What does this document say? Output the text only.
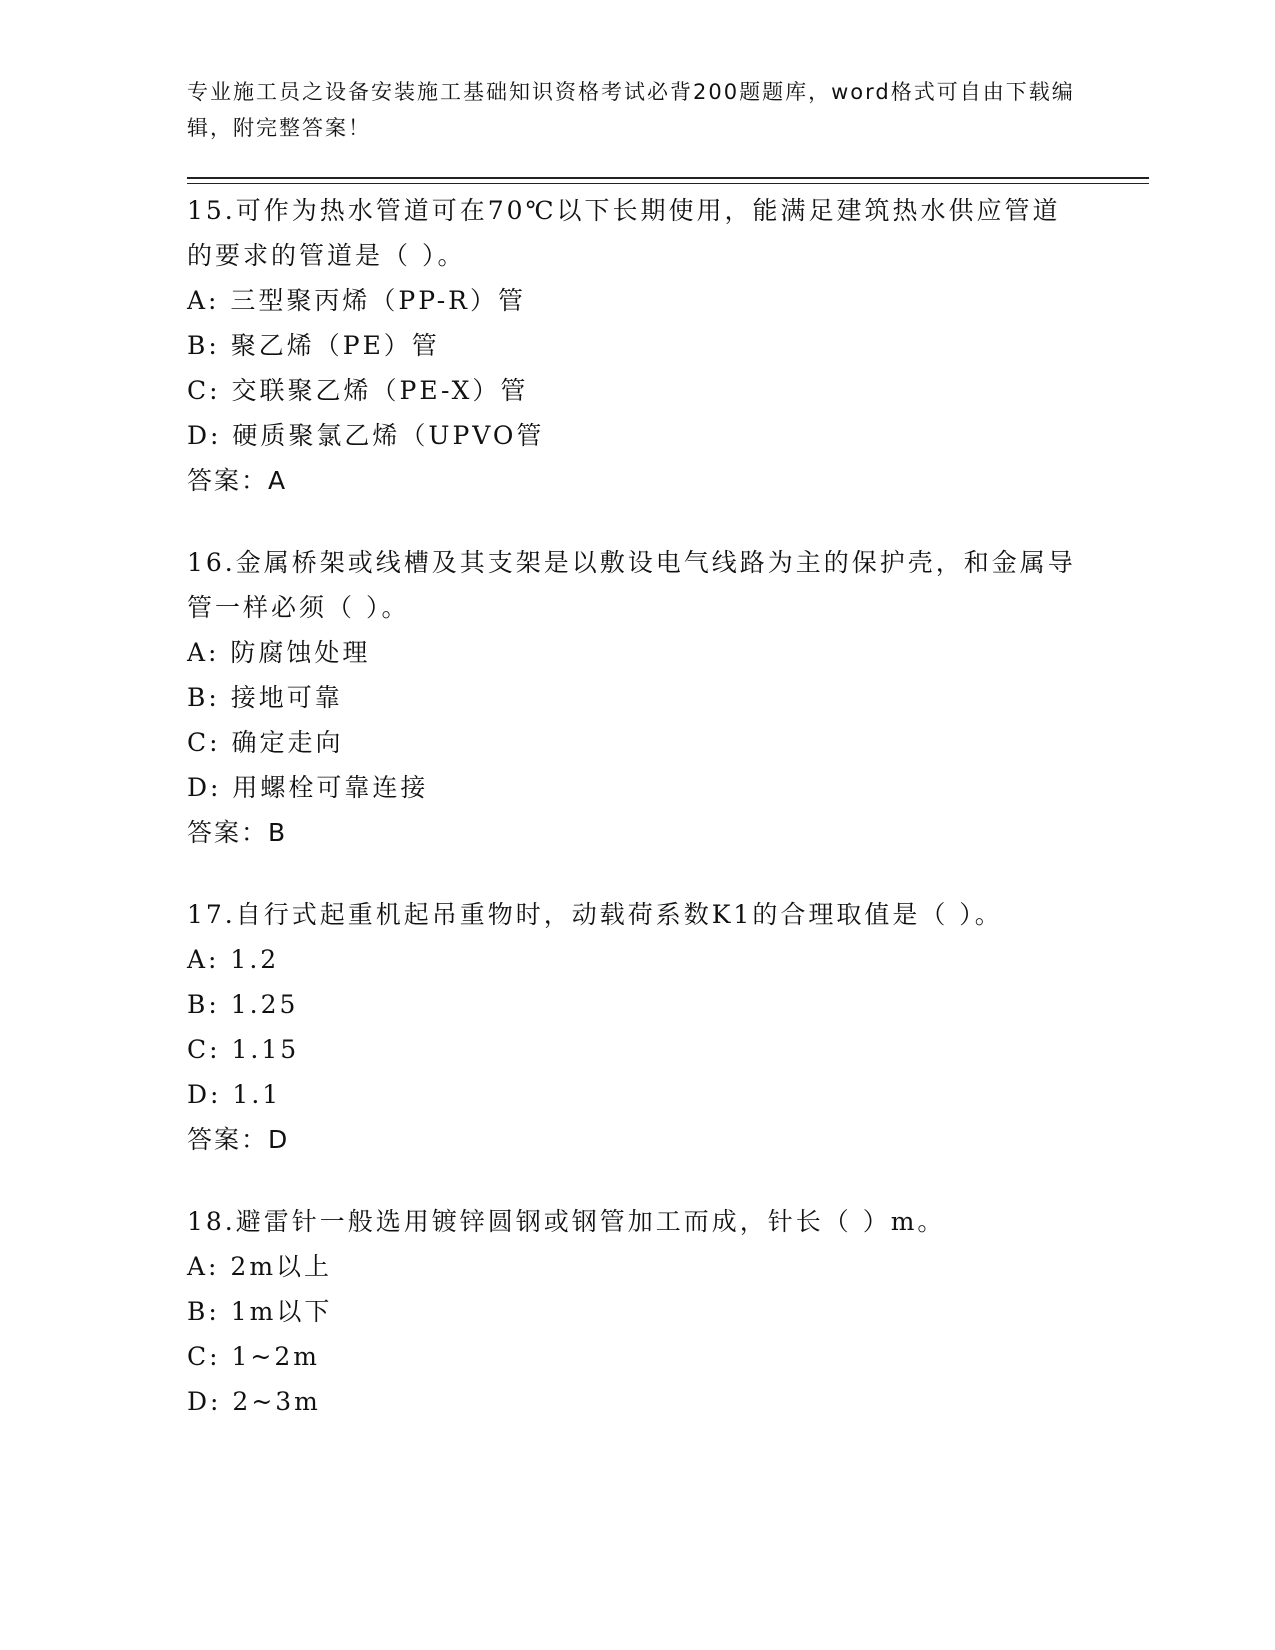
专业施工员之设备安装施工基础知识资格考试必背200题题库，word格式可自由下载编辑，附完整答案！

15.可作为热水管道可在70℃以下长期使用，能满足建筑热水供应管道的要求的管道是（ ）。

A: 三型聚丙烯（PP-R）管

B: 聚乙烯（PE）管

C: 交联聚乙烯（PE-X）管

D: 硬质聚氯乙烯（UPVO管

答案：A

16.金属桥架或线槽及其支架是以敷设电气线路为主的保护壳，和金属导管一样必须（ ）。

A: 防腐蚀处理

B: 接地可靠

C: 确定走向

D: 用螺栓可靠连接

答案：B

17.自行式起重机起吊重物时，动载荷系数K1的合理取值是（ ）。

A: 1.2

B: 1.25

C: 1.15

D: 1.1

答案：D

18.避雷针一般选用镀锌圆钢或钢管加工而成，针长（ ）m。

A: 2m以上

B: 1m以下

C: 1~2m

D: 2~3m
